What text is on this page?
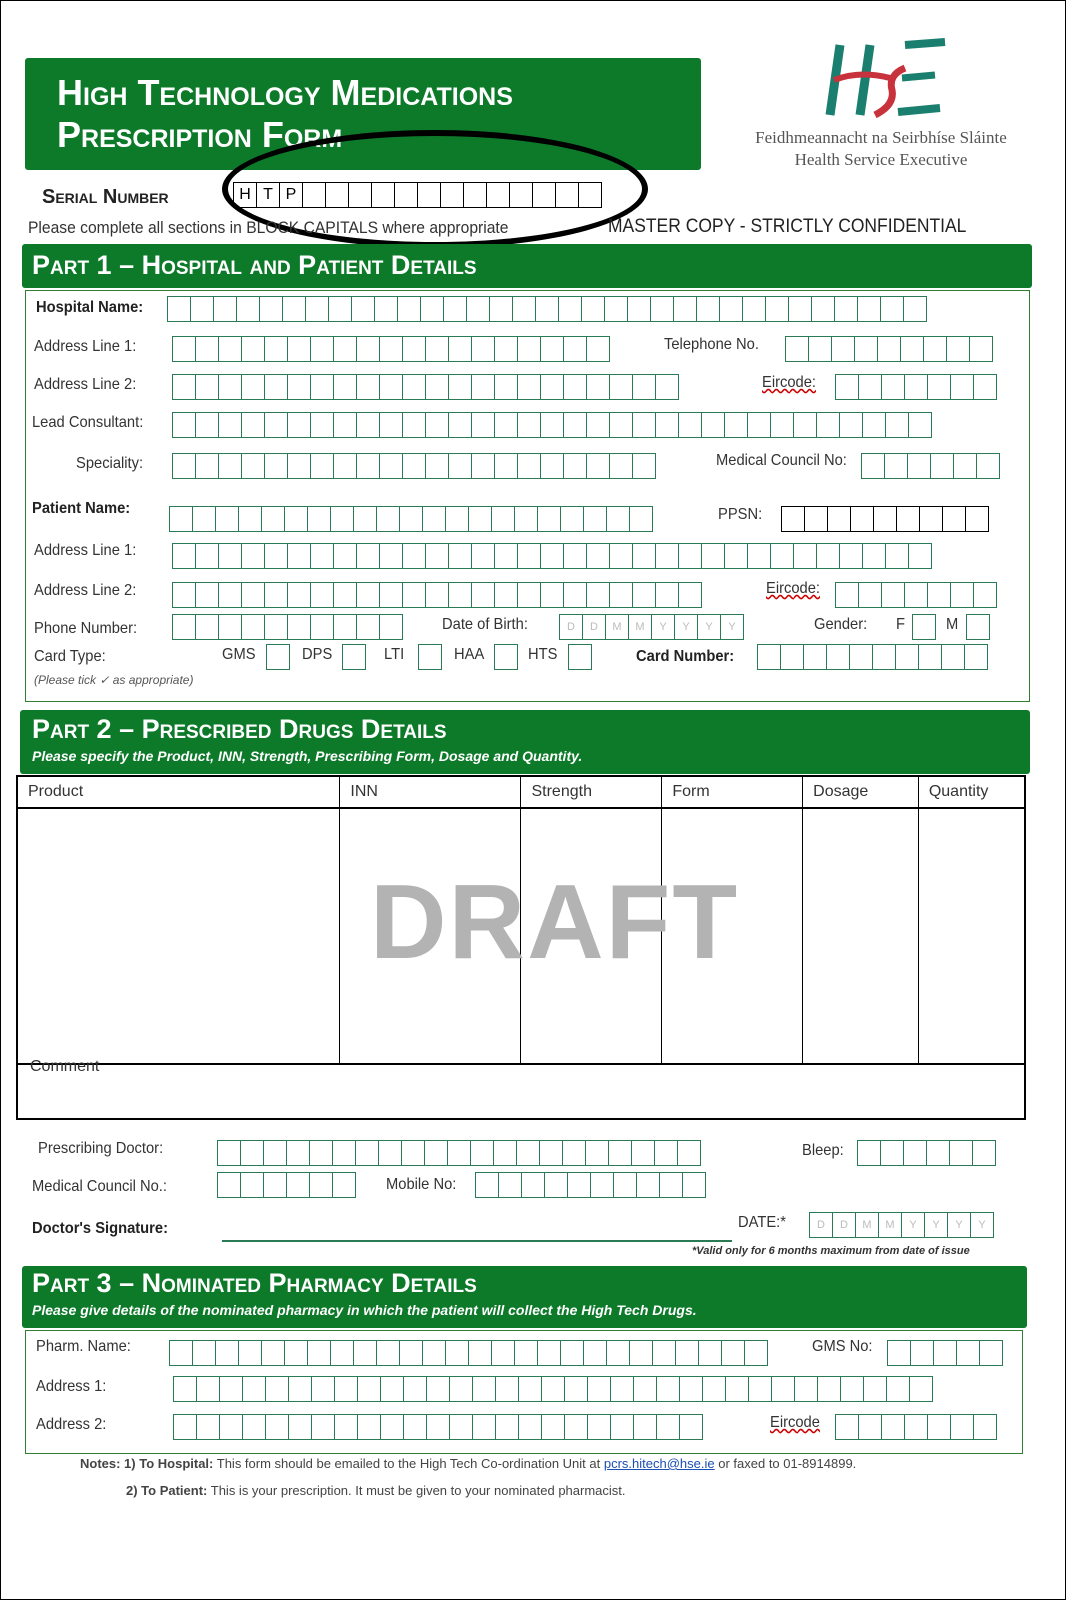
High Technology Medications
Prescription Form	Feidhmeannacht na Seirbhíse Sláinte
Health Service Executive
Serial Number	H T P
Please complete all sections in BLOCK CAPITALS where appropriate	MASTER COPY - STRICTLY CONFIDENTIAL
Part 1 – Hospital and Patient Details
Hospital Name:
Address Line 1:	Telephone No.
Address Line 2:	Eircode:
Lead Consultant:
Speciality:	Medical Council No:
Patient Name:	PPSN:
Address Line 1:
Address Line 2:	Eircode:
Phone Number:	Date of Birth:	D	D	M	M	Y	Y	Y	Y	Gender: F	M
Card Type:
(Please tick ✓ as appropriate)
GMS	DPS	LTI	HAA	HTS	Card Number:
Part 2 – Prescribed Drugs Details
Please specify the Product, INN, Strength, Prescribing Form, Dosage and Quantity.
Product	INN	Strength	Form	Dosage	Quantity

DRAFT
Comment
Prescribing Doctor:	Bleep:
Medical Council No.:	Mobile No:
Doctor's Signature:	DATE:*	D	D	M	M	Y	Y	Y	Y
*Valid only for 6 months maximum from date of issue
Part 3 – Nominated Pharmacy Details
Please give details of the nominated pharmacy in which the patient will collect the High Tech Drugs.
Pharm. Name:	GMS No:
Address 1:
Address 2:	Eircode
Notes: 1) To Hospital: This form should be emailed to the High Tech Co-ordination Unit at pcrs.hitech@hse.ie or faxed to 01-8914899.
2) To Patient: This is your prescription. It must be given to your nominated pharmacist.
